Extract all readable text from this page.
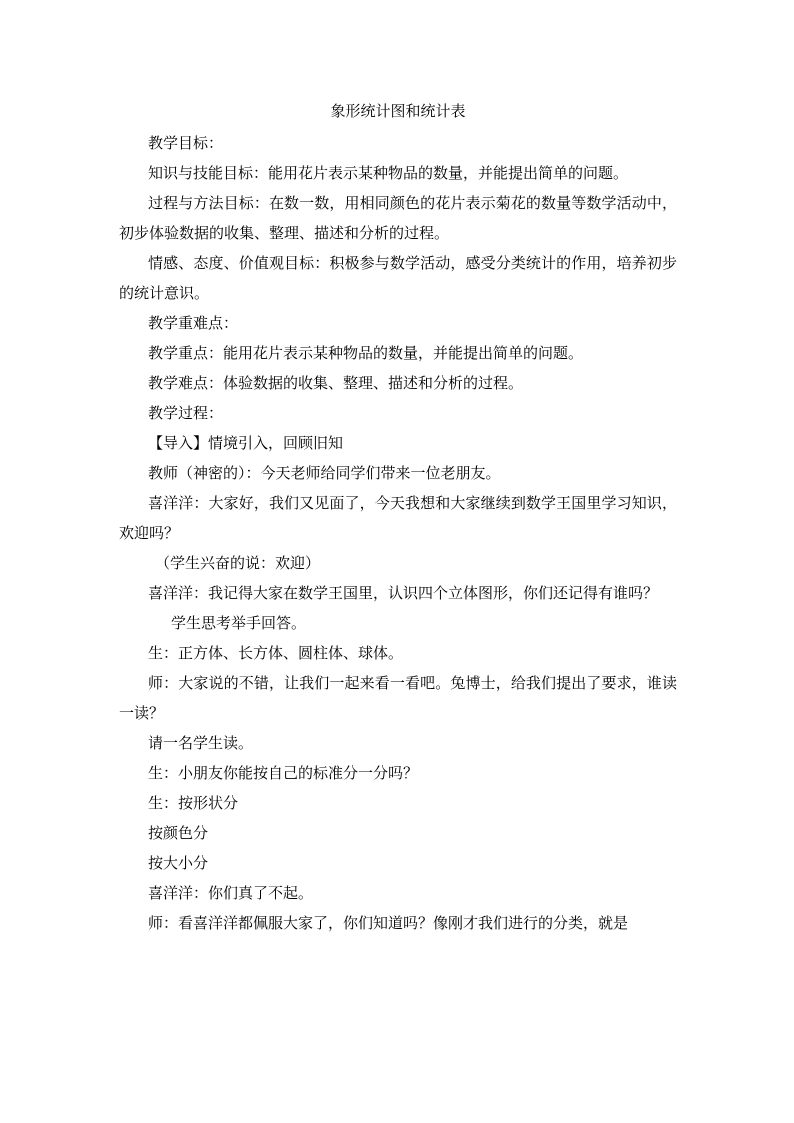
象形统计图和统计表

教学目标：

知识与技能目标：能用花片表示某种物品的数量，并能提出简单的问题。

过程与方法目标：在数一数，用相同颜色的花片表示菊花的数量等数学活动中，初步体验数据的收集、整理、描述和分析的过程。

情感、态度、价值观目标：积极参与数学活动，感受分类统计的作用，培养初步的统计意识。

教学重难点：

教学重点：能用花片表示某种物品的数量，并能提出简单的问题。

教学难点：体验数据的收集、整理、描述和分析的过程。

教学过程：

【导入】情境引入，回顾旧知

教师（神密的）：今天老师给同学们带来一位老朋友。

喜洋洋：大家好，我们又见面了，今天我想和大家继续到数学王国里学习知识，欢迎吗？

（学生兴奋的说：欢迎）

喜洋洋：我记得大家在数学王国里，认识四个立体图形，你们还记得有谁吗？

学生思考举手回答。

生：正方体、长方体、圆柱体、球体。

师：大家说的不错，让我们一起来看一看吧。兔博士，给我们提出了要求，谁读一读？

请一名学生读。

生：小朋友你能按自己的标准分一分吗？

生：按形状分

按颜色分

按大小分

喜洋洋：你们真了不起。

师：看喜洋洋都佩服大家了，你们知道吗？像刚才我们进行的分类，就是
